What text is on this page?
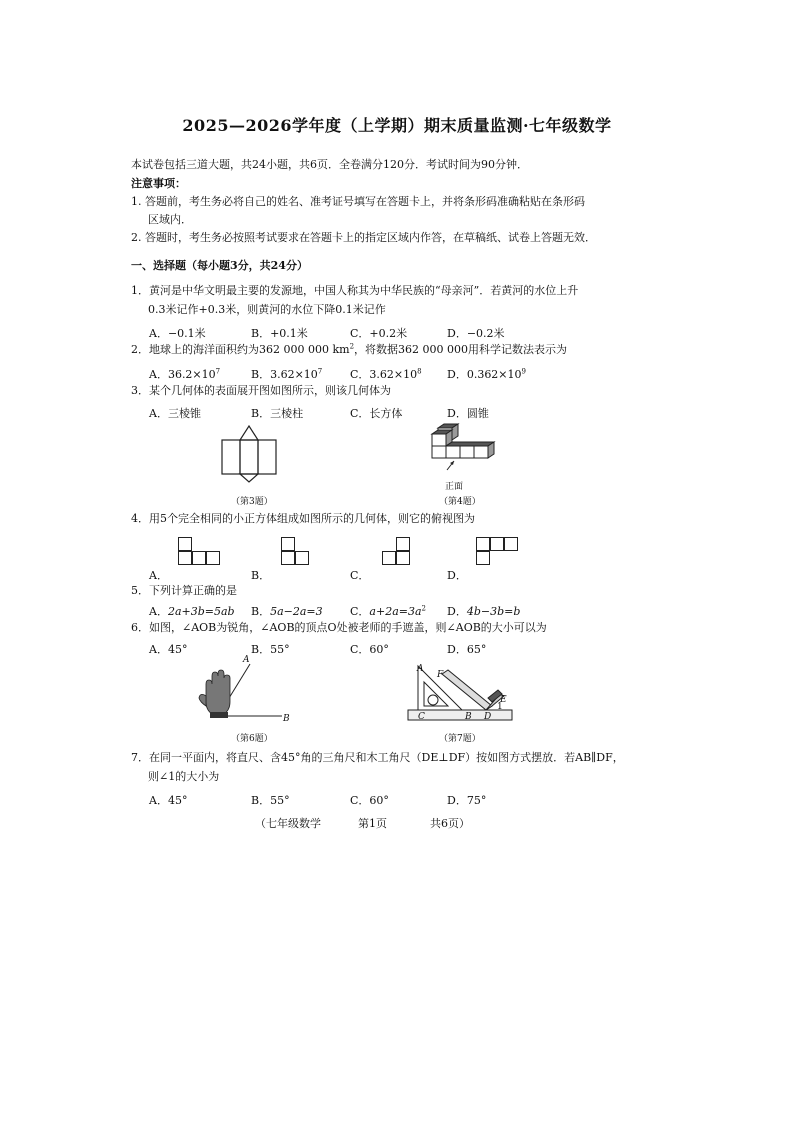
2025—2026学年度（上学期）期末质量监测·七年级数学
本试卷包括三道大题，共24小题，共6页．全卷满分120分．考试时间为90分钟．
注意事项：
1. 答题前，考生务必将自己的姓名、准考证号填写在答题卡上，并将条形码准确粘贴在条形码
区域内．
2. 答题时，考生务必按照考试要求在答题卡上的指定区域内作答，在草稿纸、试卷上答题无效．
一、选择题（每小题3分，共24分）
1．黄河是中华文明最主要的发源地，中国人称其为中华民族的“母亲河”．若黄河的水位上升
0.3米记作+0.3米，则黄河的水位下降0.1米记作
A．−0.1米	B．+0.1米	C．+0.2米	D．−0.2米
2．地球上的海洋面积约为362 000 000 $km^2$，将数据362 000 000用科学记数法表示为
A．$36.2\times 10^7$	B．$3.62\times 10^7$	C．$3.62\times 10^8$ D．$0.362\times 10^9$
3．某个几何体的表面展开图如图所示，则该几何体为
A．三棱锥	B．三棱柱	C．长方体	D．圆锥
（第3题）
正面
（第4题）
4．用5个完全相同的小正方体组成如图所示的几何体，则它的俯视图为
A．	B．	C．	D．
5．下列计算正确的是
A．2a+3b=5ab B．5a−2a=3 C．$a+2a=3a^2$ D．4b−3b=b
6．如图，∠AOB为锐角，∠AOB的顶点O处被老师的手遮盖，则∠AOB的大小可以为
A．45°	B．55°	C．60°	D．65°
A
B
（第6题）
A
F
E
1
C	B D
（第7题）
7．在同一平面内，将直尺、含45°角的三角尺和木工角尺（DE⊥DF）按如图方式摆放．若AB∥DF，
则∠1的大小为
A．45°	B．55°	C．60°	D．75°
（七年级数学	第1页	共6页）
